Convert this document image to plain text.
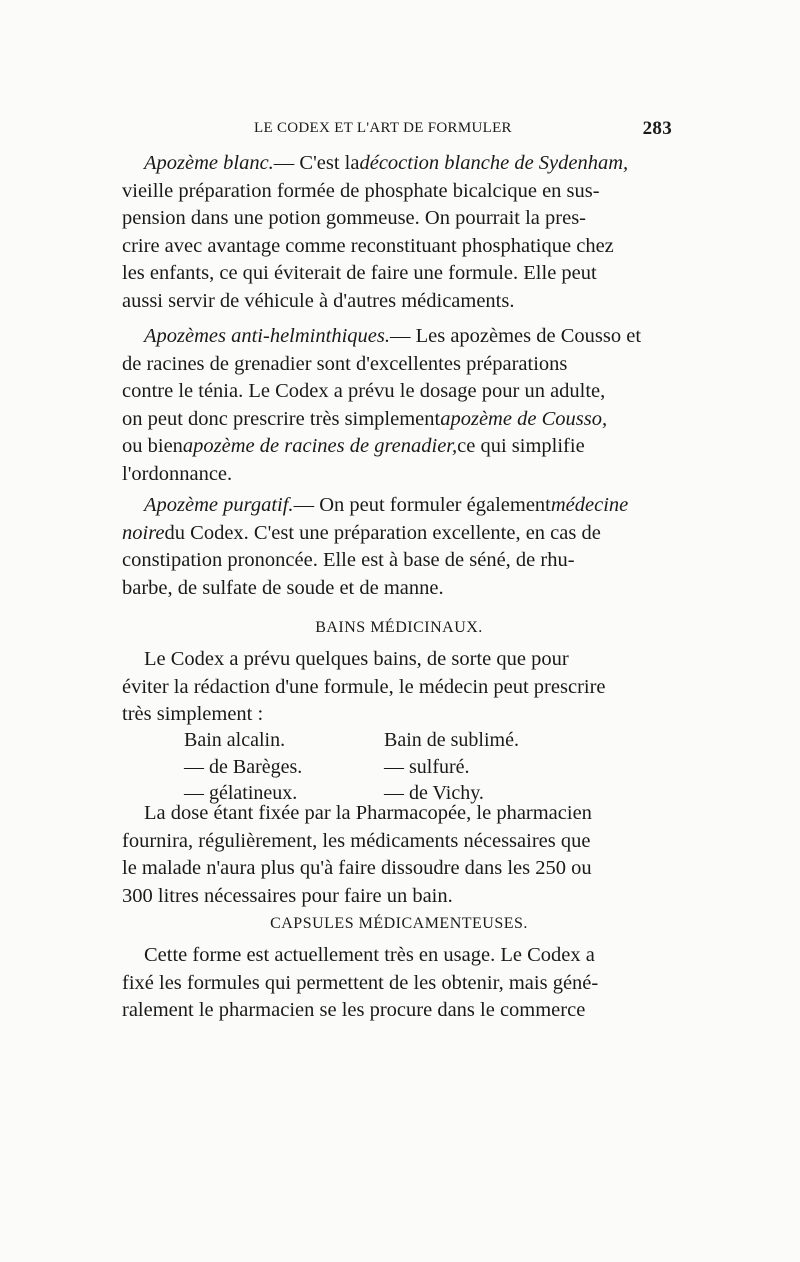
LE CODEX ET L'ART DE FORMULER	283
Apozème blanc.— C'est ladécoction blanche de Sydenham,
vieille préparation formée de phosphate bicalcique en sus-
pension dans une potion gommeuse. On pourrait la pres-
crire avec avantage comme reconstituant phosphatique chez
les enfants, ce qui éviterait de faire une formule. Elle peut
aussi servir de véhicule à d'autres médicaments.
Apozèmes anti-helminthiques.— Les apozèmes de Cousso et
de racines de grenadier sont d'excellentes préparations
contre le ténia. Le Codex a prévu le dosage pour un adulte,
on peut donc prescrire très simplementapozème de Cousso,
ou bienapozème de racines de grenadier,ce qui simplifie
l'ordonnance.
Apozème purgatif.— On peut formuler égalementmédecine
noiredu Codex. C'est une préparation excellente, en cas de
constipation prononcée. Elle est à base de séné, de rhu-
barbe, de sulfate de soude et de manne.
BAINS MÉDICINAUX.
Le Codex a prévu quelques bains, de sorte que pour
éviter la rédaction d'une formule, le médecin peut prescrire
très simplement :
Bain alcalin.	Bain de sublimé.
— de Barèges.	— sulfuré.
— gélatineux.	— de Vichy.
La dose étant fixée par la Pharmacopée, le pharmacien
fournira, régulièrement, les médicaments nécessaires que
le malade n'aura plus qu'à faire dissoudre dans les 250 ou
300 litres nécessaires pour faire un bain.
CAPSULES MÉDICAMENTEUSES.
Cette forme est actuellement très en usage. Le Codex a
fixé les formules qui permettent de les obtenir, mais géné-
ralement le pharmacien se les procure dans le commerce
